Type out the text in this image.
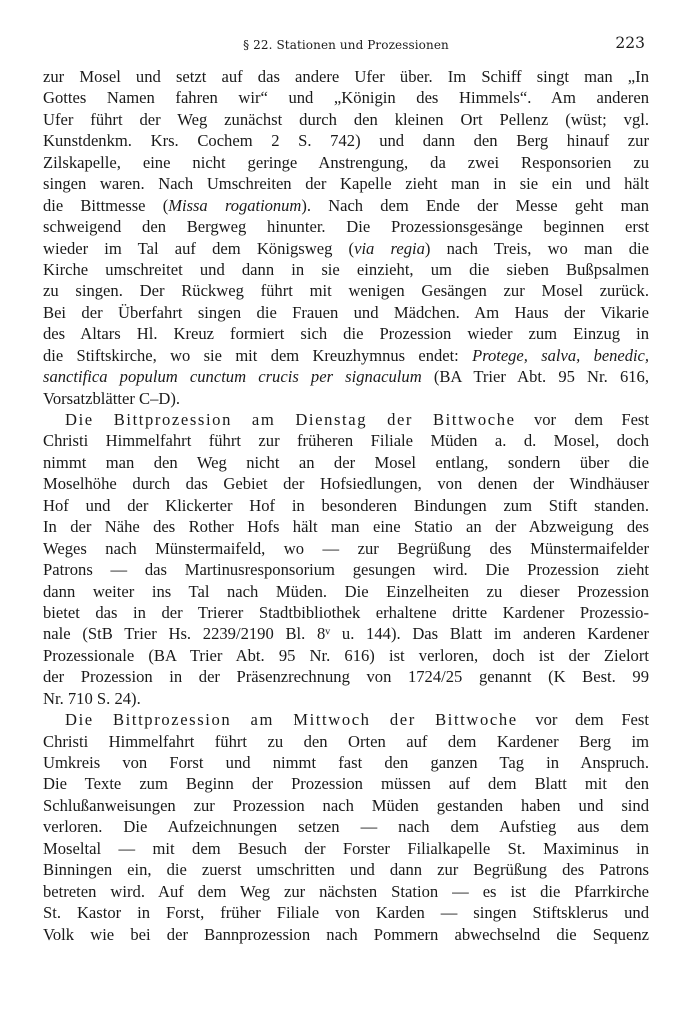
§ 22. Stationen und Prozessionen	223
zur Mosel und setzt auf das andere Ufer über. Im Schiff singt man „In
Gottes Namen fahren wir“ und „Königin des Himmels“. Am anderen
Ufer führt der Weg zunächst durch den kleinen Ort Pellenz (wüst; vgl.
Kunstdenkm. Krs. Cochem 2 S. 742) und dann den Berg hinauf zur
Zilskapelle, eine nicht geringe Anstrengung, da zwei Responsorien zu
singen waren. Nach Umschreiten der Kapelle zieht man in sie ein und hält
die Bittmesse (Missa rogationum). Nach dem Ende der Messe geht man
schweigend den Bergweg hinunter. Die Prozessionsgesänge beginnen erst
wieder im Tal auf dem Königsweg (via regia) nach Treis, wo man die
Kirche umschreitet und dann in sie einzieht, um die sieben Bußpsalmen
zu singen. Der Rückweg führt mit wenigen Gesängen zur Mosel zurück.
Bei der Überfahrt singen die Frauen und Mädchen. Am Haus der Vikarie
des Altars Hl. Kreuz formiert sich die Prozession wieder zum Einzug in
die Stiftskirche, wo sie mit dem Kreuzhymnus endet: Protege, salva, benedic,
sanctifica populum cunctum crucis per signaculum (BA Trier Abt. 95 Nr. 616,
Vorsatzblätter C–D).
Die Bittprozession am Dienstag der Bittwoche vor dem Fest
Christi Himmelfahrt führt zur früheren Filiale Müden a. d. Mosel, doch
nimmt man den Weg nicht an der Mosel entlang, sondern über die
Moselhöhe durch das Gebiet der Hofsiedlungen, von denen der Windhäuser
Hof und der Klickerter Hof in besonderen Bindungen zum Stift standen.
In der Nähe des Rother Hofs hält man eine Statio an der Abzweigung des
Weges nach Münstermaifeld, wo — zur Begrüßung des Münstermaifelder
Patrons — das Martinusresponsorium gesungen wird. Die Prozession zieht
dann weiter ins Tal nach Müden. Die Einzelheiten zu dieser Prozession
bietet das in der Trierer Stadtbibliothek erhaltene dritte Kardener Prozessio-
nale (StB Trier Hs. 2239/2190 Bl. 8ᵛ u. 144). Das Blatt im anderen Kardener
Prozessionale (BA Trier Abt. 95 Nr. 616) ist verloren, doch ist der Zielort
der Prozession in der Präsenzrechnung von 1724/25 genannt (K Best. 99
Nr. 710 S. 24).
Die Bittprozession am Mittwoch der Bittwoche vor dem Fest
Christi Himmelfahrt führt zu den Orten auf dem Kardener Berg im
Umkreis von Forst und nimmt fast den ganzen Tag in Anspruch.
Die Texte zum Beginn der Prozession müssen auf dem Blatt mit den
Schlußanweisungen zur Prozession nach Müden gestanden haben und sind
verloren. Die Aufzeichnungen setzen — nach dem Aufstieg aus dem
Moseltal — mit dem Besuch der Forster Filialkapelle St. Maximinus in
Binningen ein, die zuerst umschritten und dann zur Begrüßung des Patrons
betreten wird. Auf dem Weg zur nächsten Station — es ist die Pfarrkirche
St. Kastor in Forst, früher Filiale von Karden — singen Stiftsklerus und
Volk wie bei der Bannprozession nach Pommern abwechselnd die Sequenz
